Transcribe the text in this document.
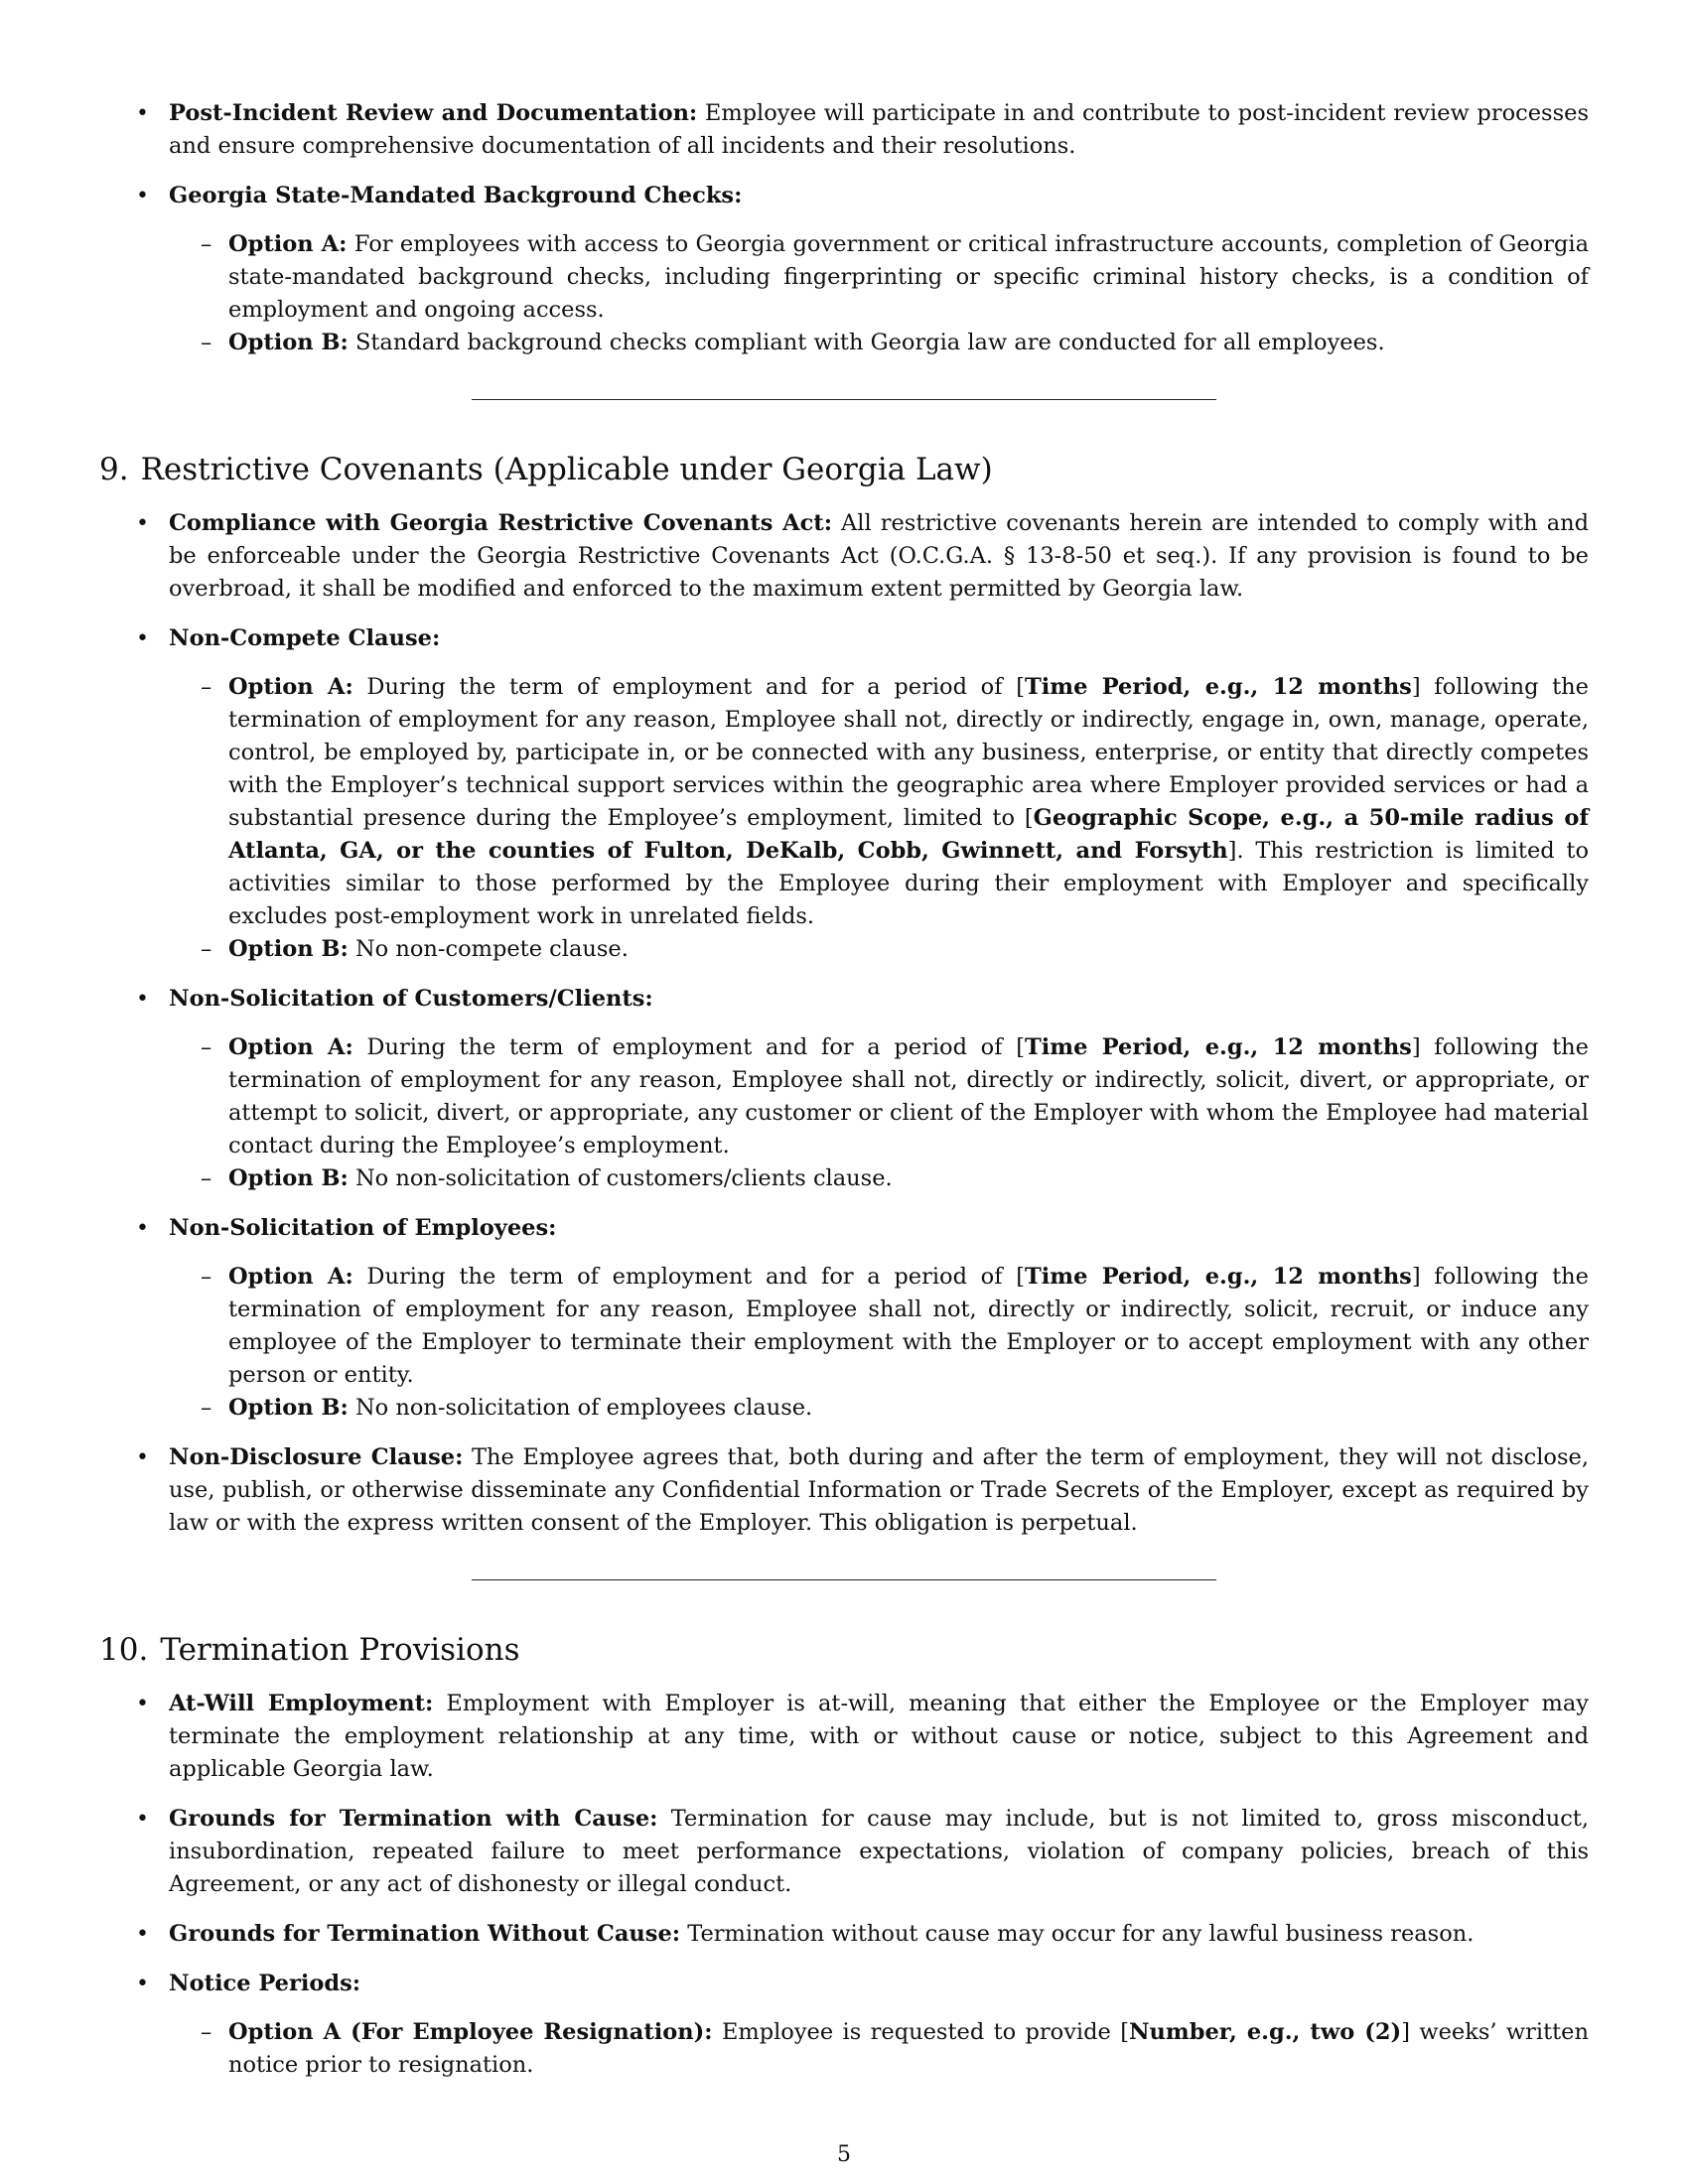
• Post-Incident Review and Documentation: Employee will participate in and contribute to post-incident review processes and ensure comprehensive documentation of all incidents and their resolutions.
• Georgia State-Mandated Background Checks:
– Option A: For employees with access to Georgia government or critical infrastructure accounts, completion of Georgia state-mandated background checks, including fingerprinting or specific criminal history checks, is a condition of employment and ongoing access.
– Option B: Standard background checks compliant with Georgia law are conducted for all employees.
9. Restrictive Covenants (Applicable under Georgia Law)
• Compliance with Georgia Restrictive Covenants Act: All restrictive covenants herein are intended to comply with and be enforceable under the Georgia Restrictive Covenants Act (O.C.G.A. § 13-8-50 et seq.). If any provision is found to be overbroad, it shall be modified and enforced to the maximum extent permitted by Georgia law.
• Non-Compete Clause:
– Option A: During the term of employment and for a period of [Time Period, e.g., 12 months] following the termination of employment for any reason, Employee shall not, directly or indirectly, engage in, own, manage, operate, control, be employed by, participate in, or be connected with any business, enterprise, or entity that directly competes with the Employer’s technical support services within the geographic area where Employer provided services or had a substantial presence during the Employee’s employment, limited to [Geographic Scope, e.g., a 50-mile radius of Atlanta, GA, or the counties of Fulton, DeKalb, Cobb, Gwinnett, and Forsyth]. This restriction is limited to activities similar to those performed by the Employee during their employment with Employer and specifically excludes post-employment work in unrelated fields.
– Option B: No non-compete clause.
• Non-Solicitation of Customers/Clients:
– Option A: During the term of employment and for a period of [Time Period, e.g., 12 months] following the termination of employment for any reason, Employee shall not, directly or indirectly, solicit, divert, or appropriate, or attempt to solicit, divert, or appropriate, any customer or client of the Employer with whom the Employee had material contact during the Employee’s employment.
– Option B: No non-solicitation of customers/clients clause.
• Non-Solicitation of Employees:
– Option A: During the term of employment and for a period of [Time Period, e.g., 12 months] following the termination of employment for any reason, Employee shall not, directly or indirectly, solicit, recruit, or induce any employee of the Employer to terminate their employment with the Employer or to accept employment with any other person or entity.
– Option B: No non-solicitation of employees clause.
• Non-Disclosure Clause: The Employee agrees that, both during and after the term of employment, they will not disclose, use, publish, or otherwise disseminate any Confidential Information or Trade Secrets of the Employer, except as required by law or with the express written consent of the Employer. This obligation is perpetual.
10. Termination Provisions
• At-Will Employment: Employment with Employer is at-will, meaning that either the Employee or the Employer may terminate the employment relationship at any time, with or without cause or notice, subject to this Agreement and applicable Georgia law.
• Grounds for Termination with Cause: Termination for cause may include, but is not limited to, gross misconduct, insubordination, repeated failure to meet performance expectations, violation of company policies, breach of this Agreement, or any act of dishonesty or illegal conduct.
• Grounds for Termination Without Cause: Termination without cause may occur for any lawful business reason.
• Notice Periods:
– Option A (For Employee Resignation): Employee is requested to provide [Number, e.g., two (2)] weeks’ written notice prior to resignation.
5
